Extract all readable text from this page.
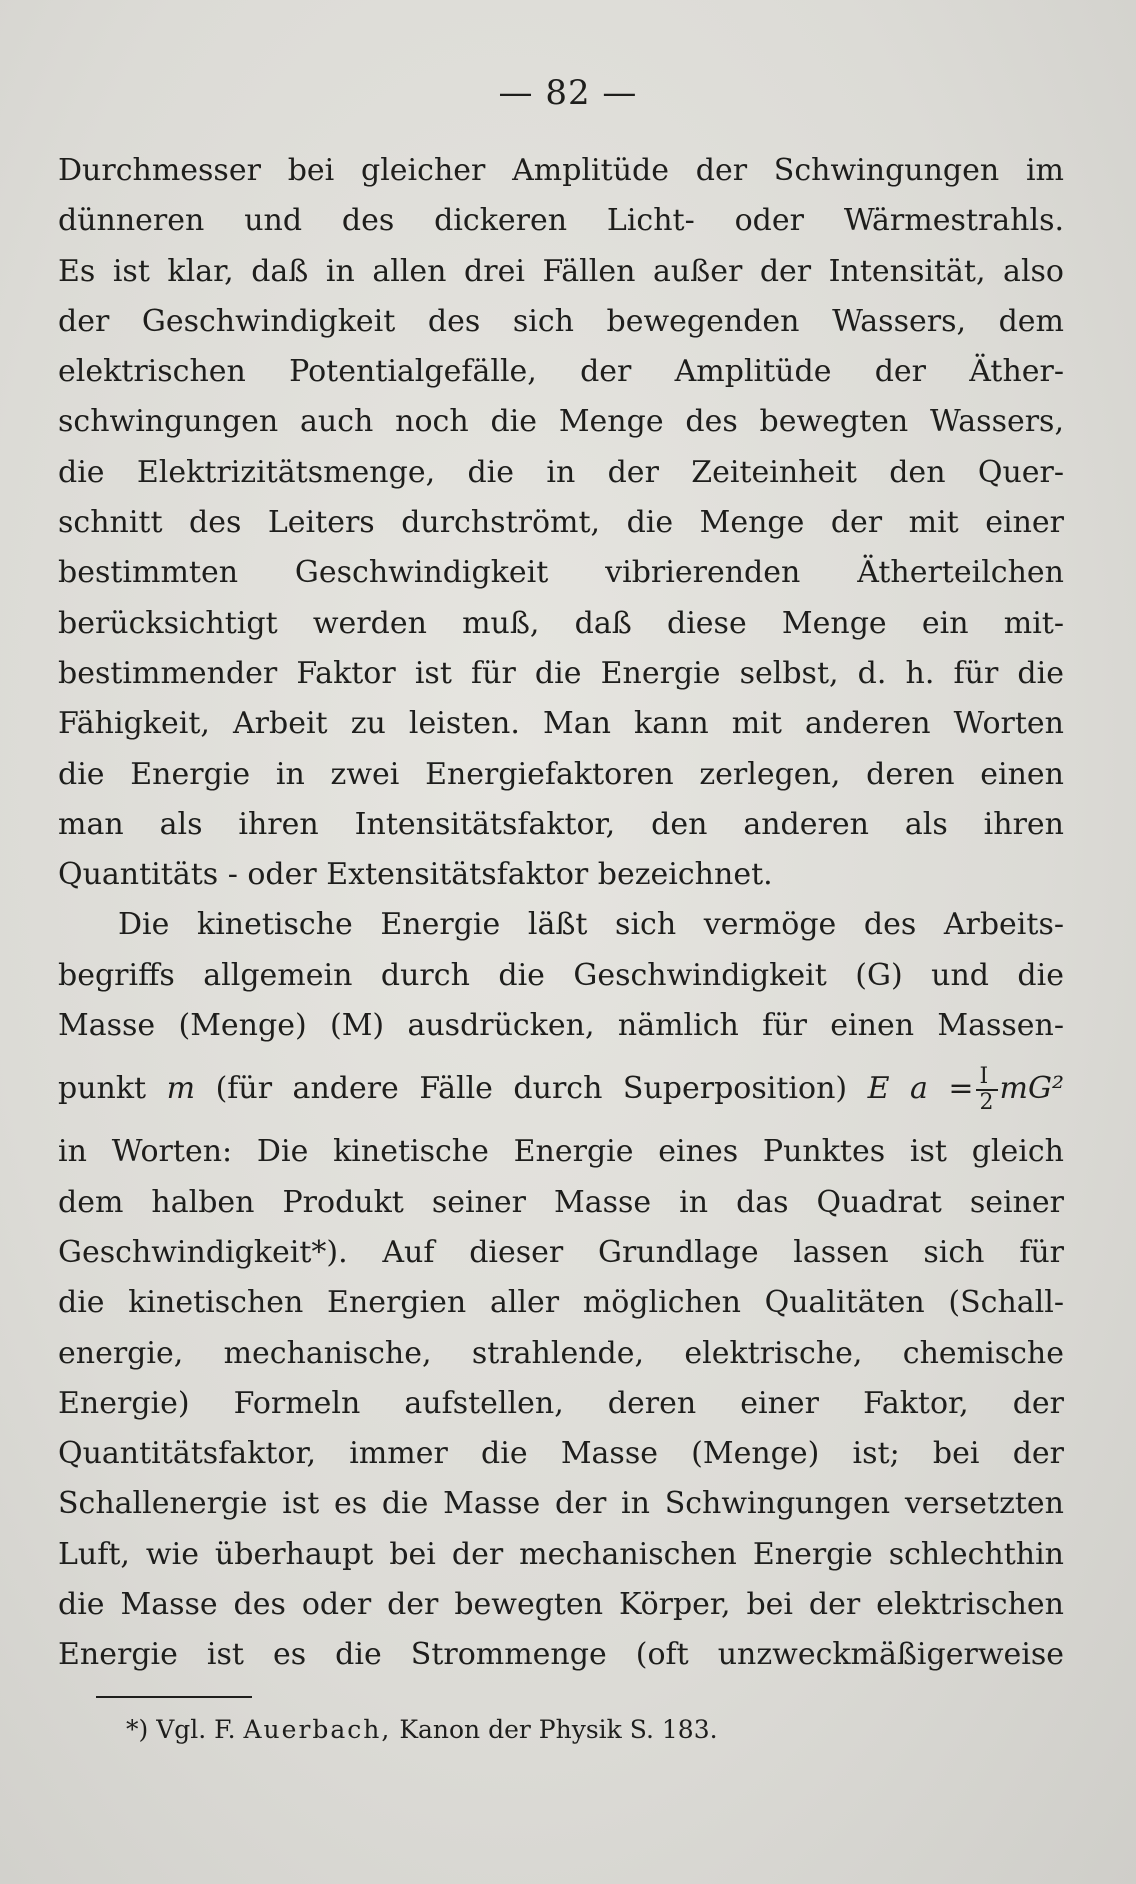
— 82 —
Durchmesser bei gleicher Amplitüde der Schwingungen im
dünneren und des dickeren Licht- oder Wärmestrahls.
Es ist klar, daß in allen drei Fällen außer der Intensität, also
der Geschwindigkeit des sich bewegenden Wassers, dem
elektrischen Potentialgefälle, der Amplitüde der Äther-
schwingungen auch noch die Menge des bewegten Wassers,
die Elektrizitätsmenge, die in der Zeiteinheit den Quer-
schnitt des Leiters durchströmt, die Menge der mit einer
bestimmten Geschwindigkeit vibrierenden Ätherteilchen
berücksichtigt werden muß, daß diese Menge ein mit-
bestimmender Faktor ist für die Energie selbst, d. h. für die
Fähigkeit, Arbeit zu leisten. Man kann mit anderen Worten
die Energie in zwei Energiefaktoren zerlegen, deren einen
man als ihren Intensitätsfaktor, den anderen als ihren
Quantitäts - oder Extensitätsfaktor bezeichnet.
Die kinetische Energie läßt sich vermöge des Arbeits-
begriffs allgemein durch die Geschwindigkeit (G) und die
Masse (Menge) (M) ausdrücken, nämlich für einen Massen-
punkt m (für andere Fälle durch Superposition) E $a = \frac{I}{2} mG^2$
in Worten: Die kinetische Energie eines Punktes ist gleich
dem halben Produkt seiner Masse in das Quadrat seiner
Geschwindigkeit*). Auf dieser Grundlage lassen sich für
die kinetischen Energien aller möglichen Qualitäten (Schall-
energie, mechanische, strahlende, elektrische, chemische
Energie) Formeln aufstellen, deren einer Faktor, der
Quantitätsfaktor, immer die Masse (Menge) ist; bei der
Schallenergie ist es die Masse der in Schwingungen versetzten
Luft, wie überhaupt bei der mechanischen Energie schlechthin
die Masse des oder der bewegten Körper, bei der elektrischen
Energie ist es die Strommenge (oft unzweckmäßigerweise
*) Vgl. F. Auerbach, Kanon der Physik S. 183.
